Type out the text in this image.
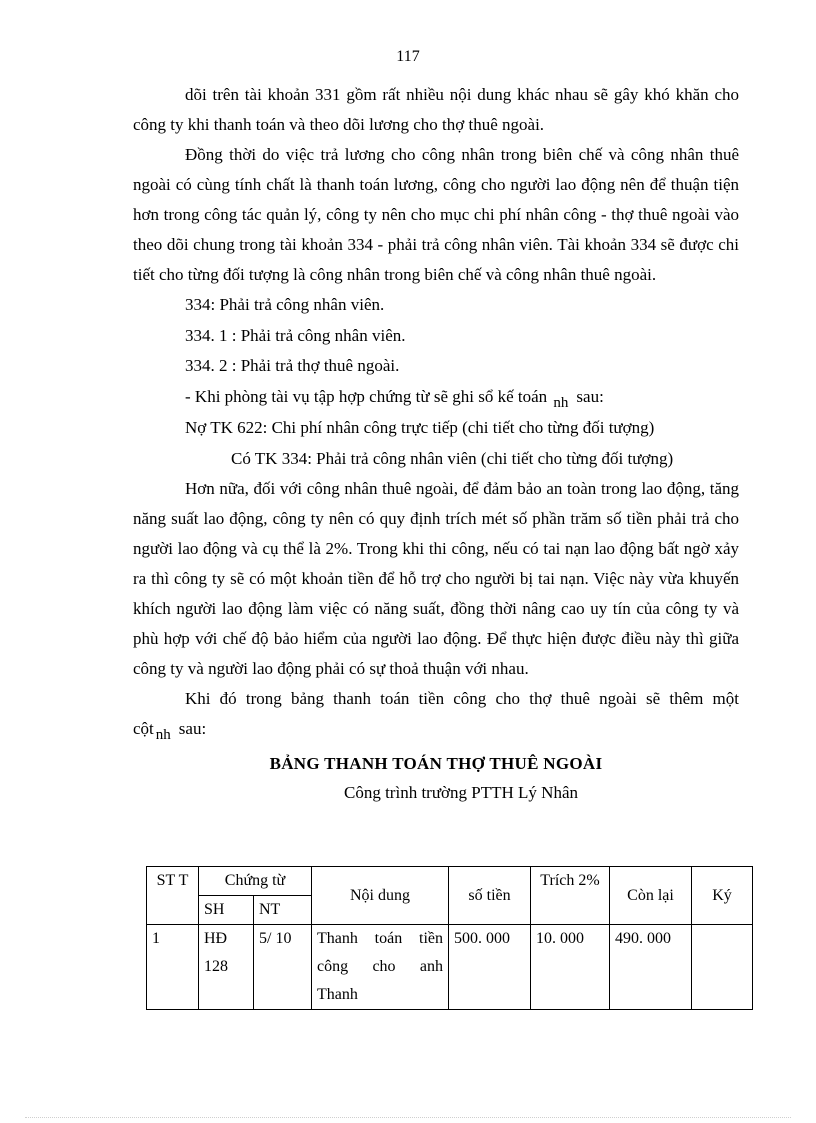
117

dõi trên tài khoản 331 gồm rất nhiều nội dung khác nhau sẽ gây khó khăn cho công ty khi thanh toán và theo dõi lương cho thợ thuê ngoài.

Đồng thời do việc trả lương cho công nhân trong biên chế và công nhân thuê ngoài có cùng tính chất là thanh toán lương, công cho người lao động nên để thuận tiện hơn trong công tác quản lý, công ty nên cho mục chi phí nhân công - thợ thuê ngoài vào theo dõi chung trong tài khoản 334 - phải trả công nhân viên. Tài khoản 334 sẽ được chi tiết cho từng đối tượng là công nhân trong biên chế và công nhân thuê ngoài.

334: Phải trả công nhân viên.

334. 1 : Phải trả công nhân viên.

334. 2 : Phải trả thợ thuê ngoài.

- Khi phòng tài vụ tập hợp chứng từ sẽ ghi sổ kế toán nh sau:

Nợ TK 622: Chi phí nhân công trực tiếp (chi tiết cho từng đối tượng)

Có TK 334: Phải trả công nhân viên (chi tiết cho từng đối tượng)

Hơn nữa, đối với công nhân thuê ngoài, để đảm bảo an toàn trong lao động, tăng năng suất lao động, công ty nên có quy định trích mét số phần trăm số tiền phải trả cho người lao động và cụ thể là 2%. Trong khi thi công, nếu có tai nạn lao động bất ngờ xảy ra thì công ty sẽ có một khoản tiền để hỗ trợ cho người bị tai nạn. Việc này vừa khuyến khích người lao động làm việc có năng suất, đồng thời nâng cao uy tín của công ty và phù hợp với chế độ bảo hiểm của người lao động. Để thực hiện được điều này thì giữa công ty và người lao động phải có sự thoả thuận với nhau.

Khi đó trong bảng thanh toán tiền công cho thợ thuê ngoài sẽ thêm một cột nh sau:

BẢNG THANH TOÁN THỢ THUÊ NGOÀI

Công trình trường PTTH Lý Nhân

ST T	Chứng từ		Nội dung	số tiền	Trích 2%	Còn lại	Ký
	SH	NT					
1	HĐ 128	5/ 10	Thanh toán tiền công cho anh Thanh	500. 000	10. 000	490. 000	
